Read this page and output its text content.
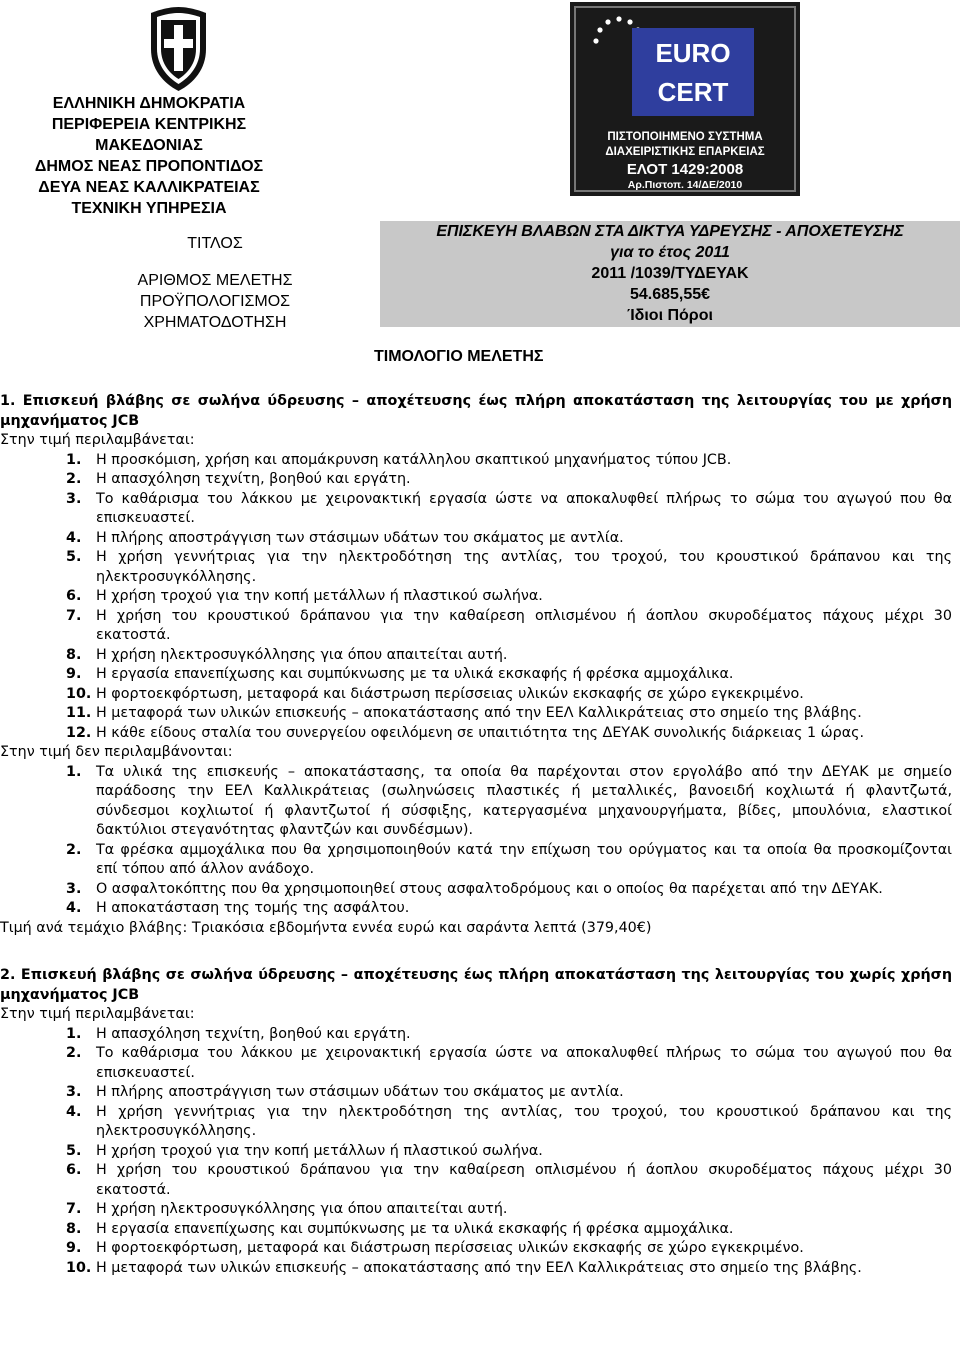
ΕΛΛΗΝΙΚΗ ΔΗΜΟΚΡΑΤΙΑ
ΠΕΡΙΦΕΡΕΙΑ ΚΕΝΤΡΙΚΗΣ ΜΑΚΕΔΟΝΙΑΣ
ΔΗΜΟΣ ΝΕΑΣ ΠΡΟΠΟΝΤΙΔΟΣ
ΔΕΥΑ ΝΕΑΣ ΚΑΛΛΙΚΡΑΤΕΙΑΣ
ΤΕΧΝΙΚΗ ΥΠΗΡΕΣΙΑ
EURO
CERT
ΠΙΣΤΟΠΟΙΗΜΕΝΟ ΣΥΣΤΗΜΑ
ΔΙΑΧΕΙΡΙΣΤΙΚΗΣ ΕΠΑΡΚΕΙΑΣ
ΕΛΟΤ 1429:2008
Αρ.Πιστοπ. 14/ΔΕ/2010
ΤΙΤΛΟΣ
ΑΡΙΘΜΟΣ ΜΕΛΕΤΗΣ
ΠΡΟΫΠΟΛΟΓΙΣΜΟΣ
ΧΡΗΜΑΤΟΔΟΤΗΣΗ
ΕΠΙΣΚΕΥΗ ΒΛΑΒΩΝ ΣΤΑ ΔΙΚΤΥΑ ΥΔΡΕΥΣΗΣ - ΑΠΟΧΕΤΕΥΣΗΣ
για το έτος 2011
2011 /1039/ΤΥΔΕΥΑΚ
54.685,55€
Ίδιοι Πόροι
ΤΙΜΟΛΟΓΙΟ ΜΕΛΕΤΗΣ
1. Επισκευή βλάβης σε σωλήνα ύδρευσης – αποχέτευσης έως πλήρη αποκατάσταση της λειτουργίας του με χρήση μηχανήματος JCB
Στην τιμή περιλαμβάνεται:
1. Η προσκόμιση, χρήση και απομάκρυνση κατάλληλου σκαπτικού μηχανήματος τύπου JCB.
2. Η απασχόληση τεχνίτη, βοηθού και εργάτη.
3. Το καθάρισμα του λάκκου με χειρονακτική εργασία ώστε να αποκαλυφθεί πλήρως το σώμα του αγωγού που θα επισκευαστεί.
4. Η πλήρης αποστράγγιση των στάσιμων υδάτων του σκάματος με αντλία.
5. Η χρήση γεννήτριας για την ηλεκτροδότηση της αντλίας, του τροχού, του κρουστικού δράπανου και της ηλεκτροσυγκόλλησης.
6. Η χρήση τροχού για την κοπή μετάλλων ή πλαστικού σωλήνα.
7. Η χρήση του κρουστικού δράπανου για την καθαίρεση οπλισμένου ή άοπλου σκυροδέματος πάχους μέχρι 30 εκατοστά.
8. Η χρήση ηλεκτροσυγκόλλησης για όπου απαιτείται αυτή.
9. Η εργασία επανεπίχωσης και συμπύκνωσης με τα υλικά εκσκαφής ή φρέσκα αμμοχάλικα.
10. Η φορτοεκφόρτωση, μεταφορά και διάστρωση περίσσειας υλικών εκσκαφής σε χώρο εγκεκριμένο.
11. Η μεταφορά των υλικών επισκευής – αποκατάστασης από την ΕΕΛ Καλλικράτειας στο σημείο της βλάβης.
12. Η κάθε είδους σταλία του συνεργείου οφειλόμενη σε υπαιτιότητα της ΔΕΥΑΚ συνολικής διάρκειας 1 ώρας.
Στην τιμή δεν περιλαμβάνονται:
1. Τα υλικά της επισκευής – αποκατάστασης, τα οποία θα παρέχονται στον εργολάβο από την ΔΕΥΑΚ με σημείο παράδοσης την ΕΕΛ Καλλικράτειας (σωληνώσεις πλαστικές ή μεταλλικές, βανοειδή κοχλιωτά ή φλαντζωτά, σύνδεσμοι κοχλιωτοί ή φλαντζωτοί ή σύσφιξης, κατεργασμένα μηχανουργήματα, βίδες, μπουλόνια, ελαστικοί δακτύλιοι στεγανότητας φλαντζών και συνδέσμων).
2. Τα φρέσκα αμμοχάλικα που θα χρησιμοποιηθούν κατά την επίχωση του ορύγματος και τα οποία θα προσκομίζονται επί τόπου από άλλον ανάδοχο.
3. Ο ασφαλτοκόπτης που θα χρησιμοποιηθεί στους ασφαλτοδρόμους και ο οποίος θα παρέχεται από την ΔΕΥΑΚ.
4. Η αποκατάσταση της τομής της ασφάλτου.
Τιμή ανά τεμάχιο βλάβης: Τριακόσια εβδομήντα εννέα ευρώ και σαράντα λεπτά (379,40€)
2. Επισκευή βλάβης σε σωλήνα ύδρευσης – αποχέτευσης έως πλήρη αποκατάσταση της λειτουργίας του χωρίς χρήση μηχανήματος JCB
Στην τιμή περιλαμβάνεται:
1. Η απασχόληση τεχνίτη, βοηθού και εργάτη.
2. Το καθάρισμα του λάκκου με χειρονακτική εργασία ώστε να αποκαλυφθεί πλήρως το σώμα του αγωγού που θα επισκευαστεί.
3. Η πλήρης αποστράγγιση των στάσιμων υδάτων του σκάματος με αντλία.
4. Η χρήση γεννήτριας για την ηλεκτροδότηση της αντλίας, του τροχού, του κρουστικού δράπανου και της ηλεκτροσυγκόλλησης.
5. Η χρήση τροχού για την κοπή μετάλλων ή πλαστικού σωλήνα.
6. Η χρήση του κρουστικού δράπανου για την καθαίρεση οπλισμένου ή άοπλου σκυροδέματος πάχους μέχρι 30 εκατοστά.
7. Η χρήση ηλεκτροσυγκόλλησης για όπου απαιτείται αυτή.
8. Η εργασία επανεπίχωσης και συμπύκνωσης με τα υλικά εκσκαφής ή φρέσκα αμμοχάλικα.
9. Η φορτοεκφόρτωση, μεταφορά και διάστρωση περίσσειας υλικών εκσκαφής σε χώρο εγκεκριμένο.
10. Η μεταφορά των υλικών επισκευής – αποκατάστασης από την ΕΕΛ Καλλικράτειας στο σημείο της βλάβης.
